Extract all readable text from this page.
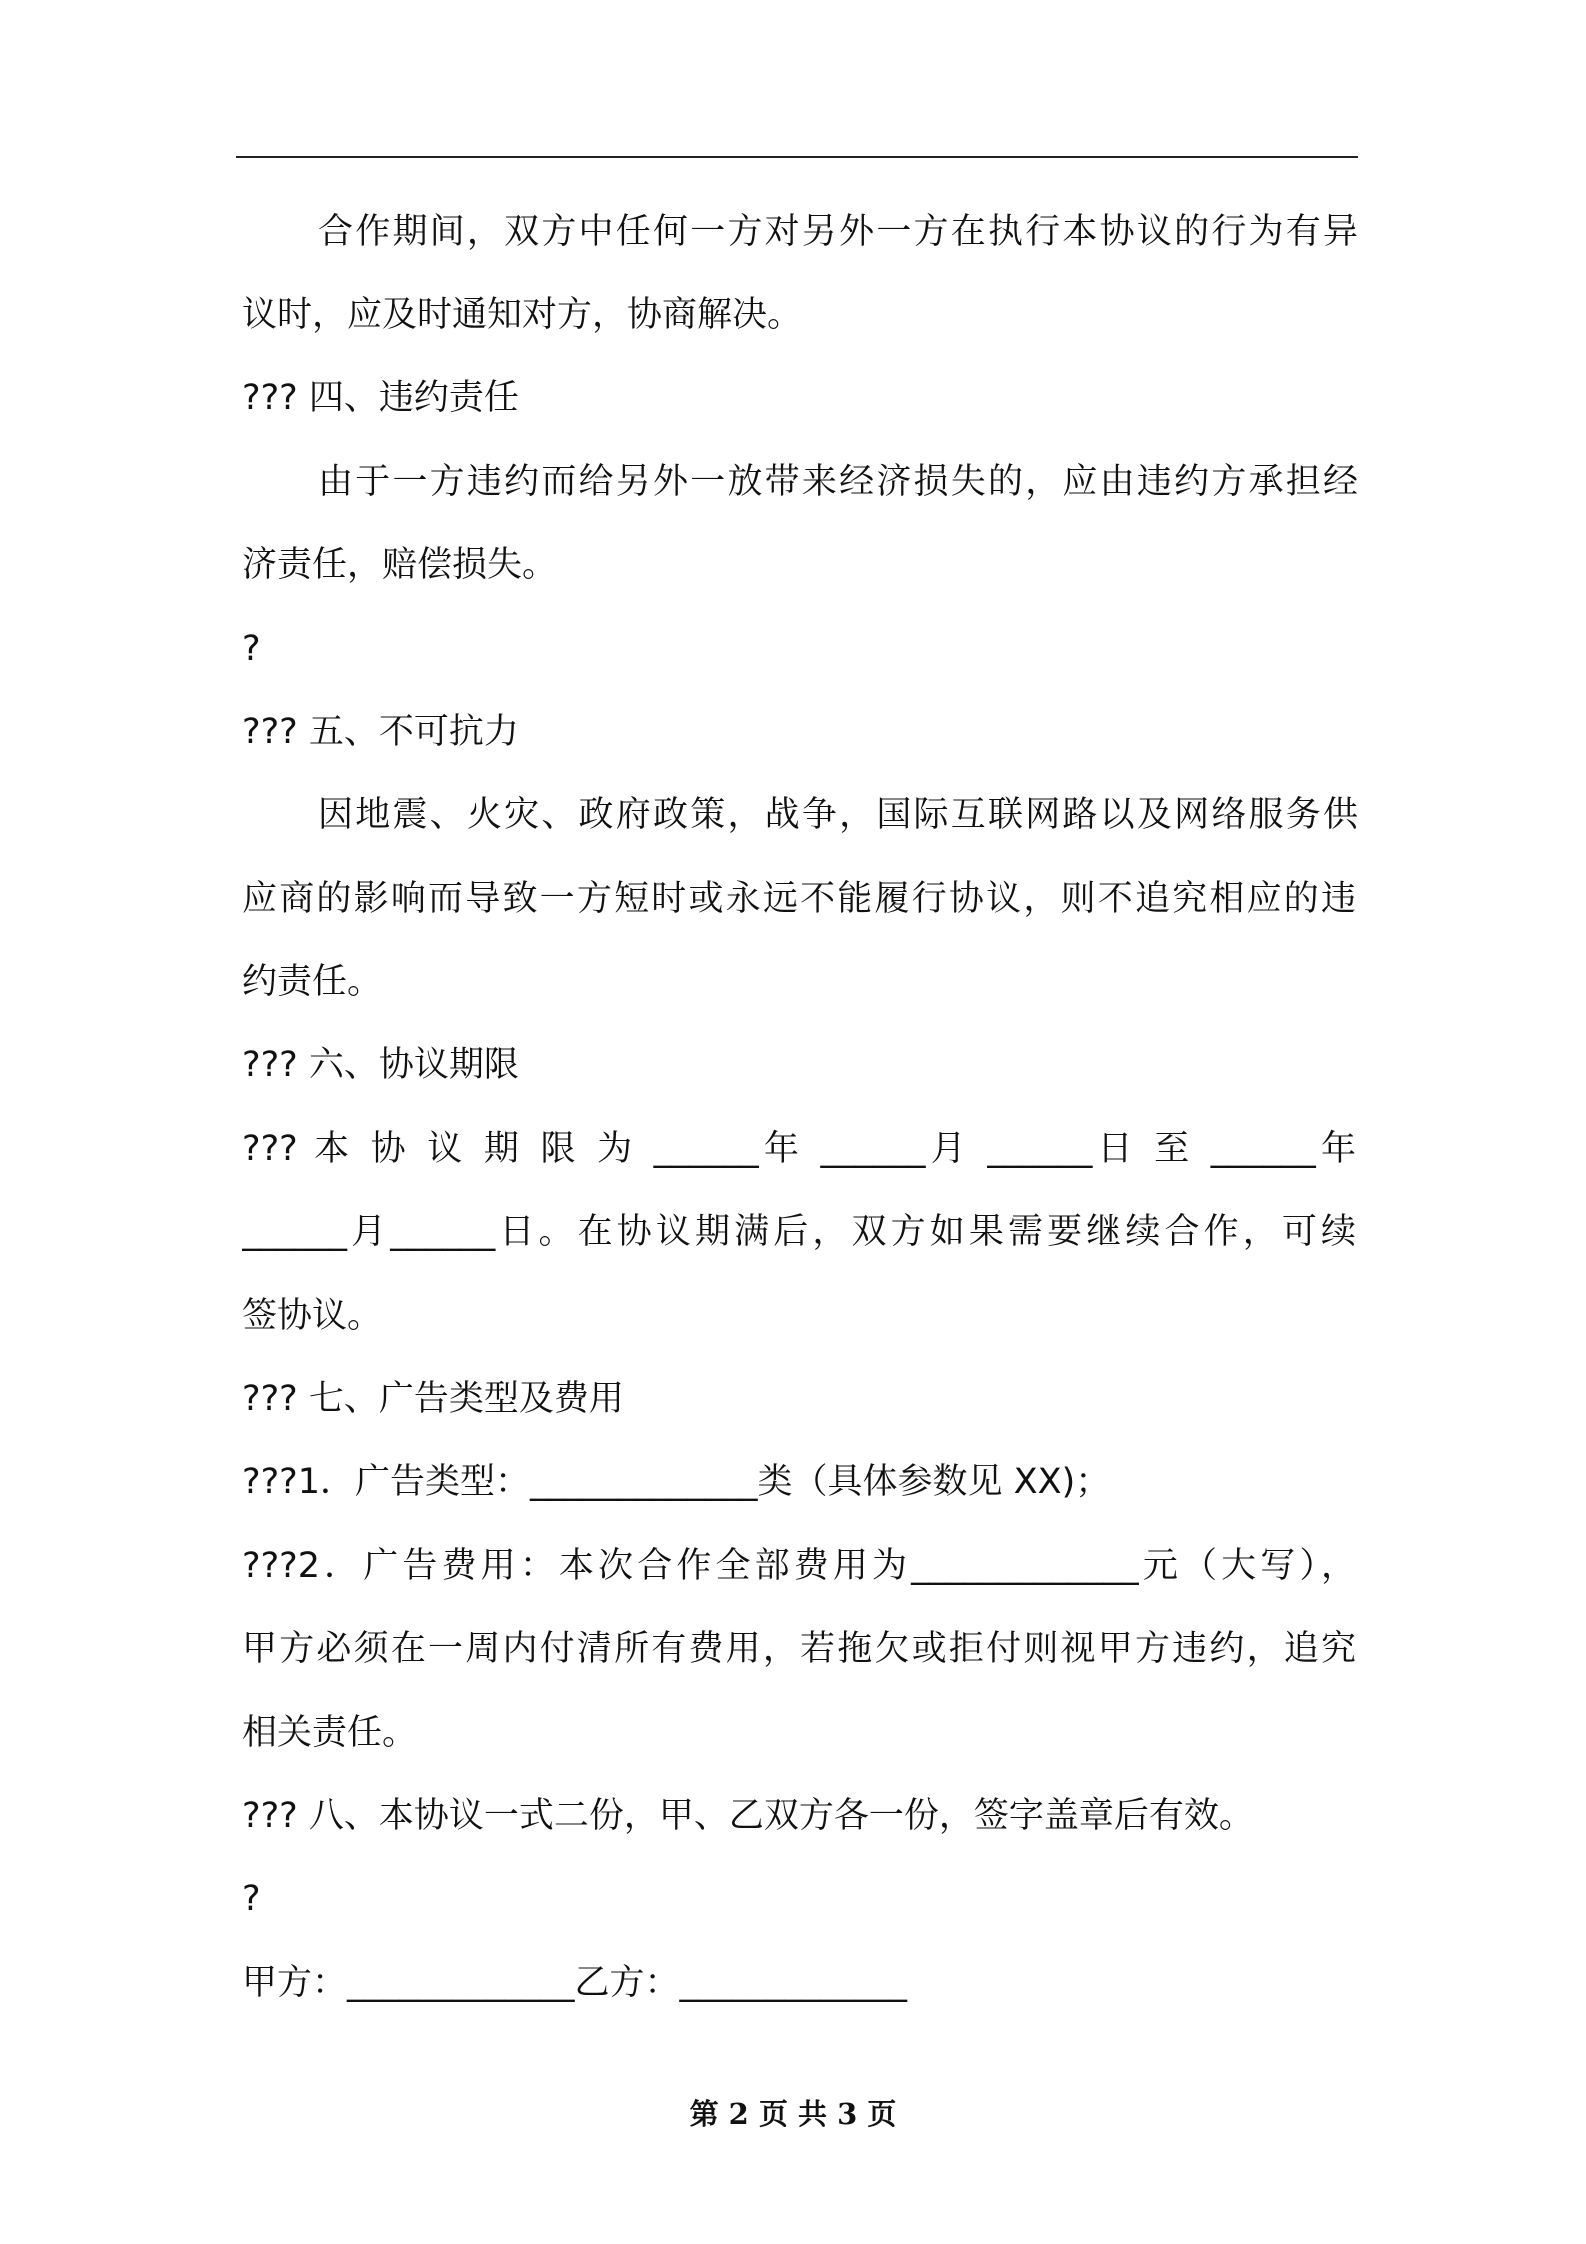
合作期间，双方中任何一方对另外一方在执行本协议的行为有异
议时，应及时通知对方，协商解决。
??? 四、违约责任
由于一方违约而给另外一放带来经济损失的，应由违约方承担经
济责任，赔偿损失。
?
??? 五、不可抗力
因地震、火灾、政府政策，战争，国际互联网路以及网络服务供
应商的影响而导致一方短时或永远不能履行协议，则不追究相应的违
约责任。
??? 六、协议期限
??? 本 协 议 期 限 为 ______年 ______月 ______日 至 ______年
______月______日。在协议期满后，双方如果需要继续合作，可续
签协议。
??? 七、广告类型及费用
???1．广告类型：_____________类（具体参数见 XX)；
???2．广告费用：本次合作全部费用为_____________元（大写），
甲方必须在一周内付清所有费用，若拖欠或拒付则视甲方违约，追究
相关责任。
??? 八、本协议一式二份，甲、乙双方各一份，签字盖章后有效。
?
甲方：_____________乙方：_____________
第 2 页 共 3 页
